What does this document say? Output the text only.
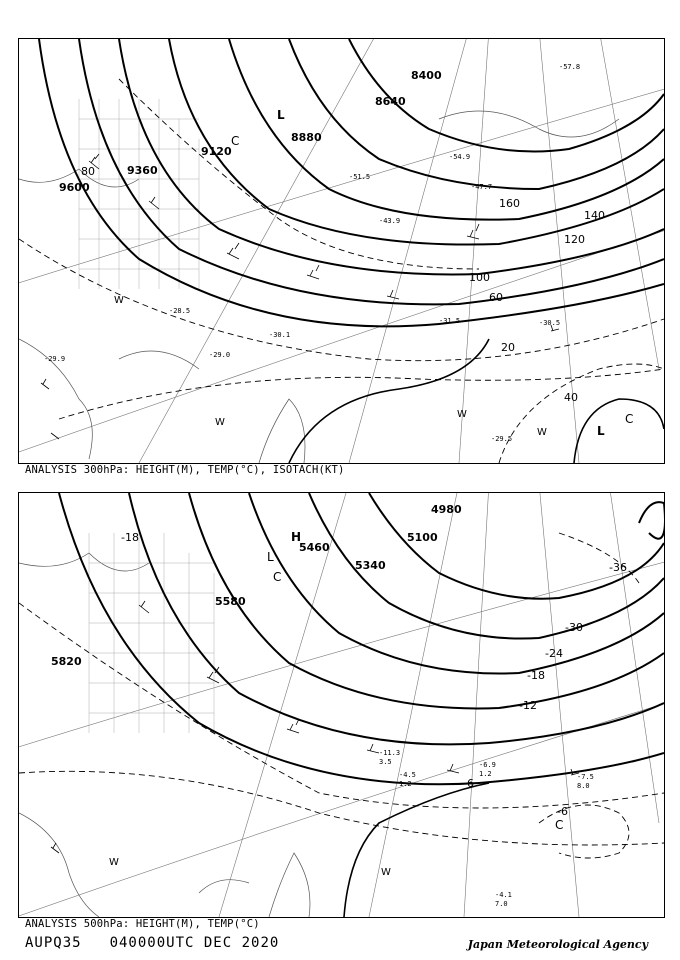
9600
9360
9120
8880
8640
8400
20
40
60
80
100
120
140
160
-30.5
-31.5
-30.1
-29.0
-28.5
-29.9
-29.5
-43.9
-47.7
-51.5
-54.9
-57.8
L
L
C
C
W
W
W
W
ANALYSIS 300hPa: HEIGHT(M), TEMP(°C), ISOTACH(KT)
5820
5580
5460
5340
5100
4980
-18
-36
-30
-24
-18
-12
-6
-6
-4.1
7.0
-7.5
8.0
-4.5
1.2
-6.9
1.2
-11.3
3.5
H
L
C
C
W
W
ANALYSIS 500hPa: HEIGHT(M), TEMP(°C)
AUPQ35 040000UTC DEC 2020	Japan Meteorological Agency
